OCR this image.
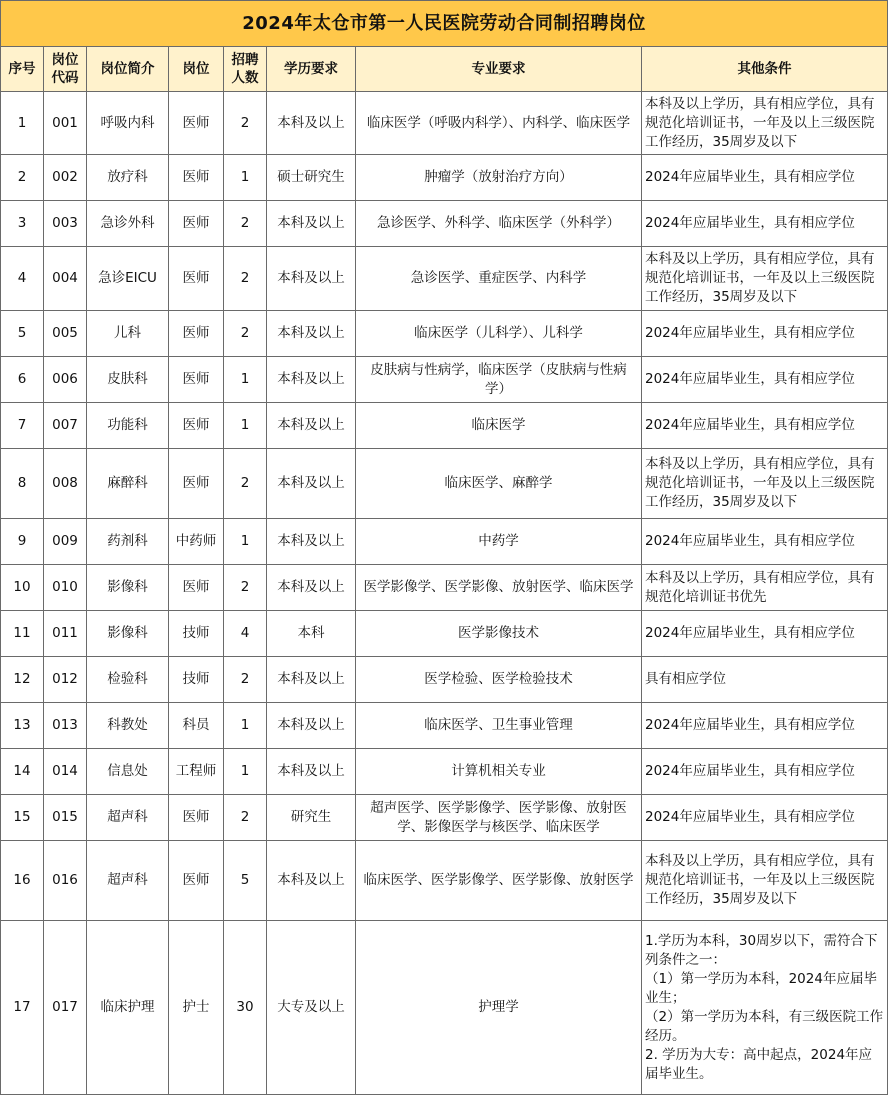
2024年太仓市第一人民医院劳动合同制招聘岗位							
序号	岗位代码	岗位简介	岗位	招聘人数	学历要求	专业要求	其他条件
1	001	呼吸内科	医师	2	本科及以上	临床医学（呼吸内科学）、内科学、临床医学	本科及以上学历，具有相应学位，具有规范化培训证书，一年及以上三级医院工作经历，35周岁及以下
2	002	放疗科	医师	1	硕士研究生	肿瘤学（放射治疗方向）	2024年应届毕业生，具有相应学位
3	003	急诊外科	医师	2	本科及以上	急诊医学、外科学、临床医学（外科学）	2024年应届毕业生，具有相应学位
4	004	急诊EICU	医师	2	本科及以上	急诊医学、重症医学、内科学	本科及以上学历，具有相应学位，具有规范化培训证书，一年及以上三级医院工作经历，35周岁及以下
5	005	儿科	医师	2	本科及以上	临床医学（儿科学）、儿科学	2024年应届毕业生，具有相应学位
6	006	皮肤科	医师	1	本科及以上	皮肤病与性病学，临床医学（皮肤病与性病学）	2024年应届毕业生，具有相应学位
7	007	功能科	医师	1	本科及以上	临床医学	2024年应届毕业生，具有相应学位
8	008	麻醉科	医师	2	本科及以上	临床医学、麻醉学	本科及以上学历，具有相应学位，具有规范化培训证书，一年及以上三级医院工作经历，35周岁及以下
9	009	药剂科	中药师	1	本科及以上	中药学	2024年应届毕业生，具有相应学位
10	010	影像科	医师	2	本科及以上	医学影像学、医学影像、放射医学、临床医学	本科及以上学历，具有相应学位，具有规范化培训证书优先
11	011	影像科	技师	4	本科	医学影像技术	2024年应届毕业生，具有相应学位
12	012	检验科	技师	2	本科及以上	医学检验、医学检验技术	具有相应学位
13	013	科教处	科员	1	本科及以上	临床医学、卫生事业管理	2024年应届毕业生，具有相应学位
14	014	信息处	工程师	1	本科及以上	计算机相关专业	2024年应届毕业生，具有相应学位
15	015	超声科	医师	2	研究生	超声医学、医学影像学、医学影像、放射医学、影像医学与核医学、临床医学	2024年应届毕业生，具有相应学位
16	016	超声科	医师	5	本科及以上	临床医学、医学影像学、医学影像、放射医学	本科及以上学历，具有相应学位，具有规范化培训证书，一年及以上三级医院工作经历，35周岁及以下
17	017	临床护理	护士	30	大专及以上	护理学	1.学历为本科，30周岁以下，需符合下列条件之一：
（1）第一学历为本科，2024年应届毕业生；
（2）第一学历为本科，有三级医院工作经历。
2. 学历为大专：高中起点，2024年应届毕业生。
